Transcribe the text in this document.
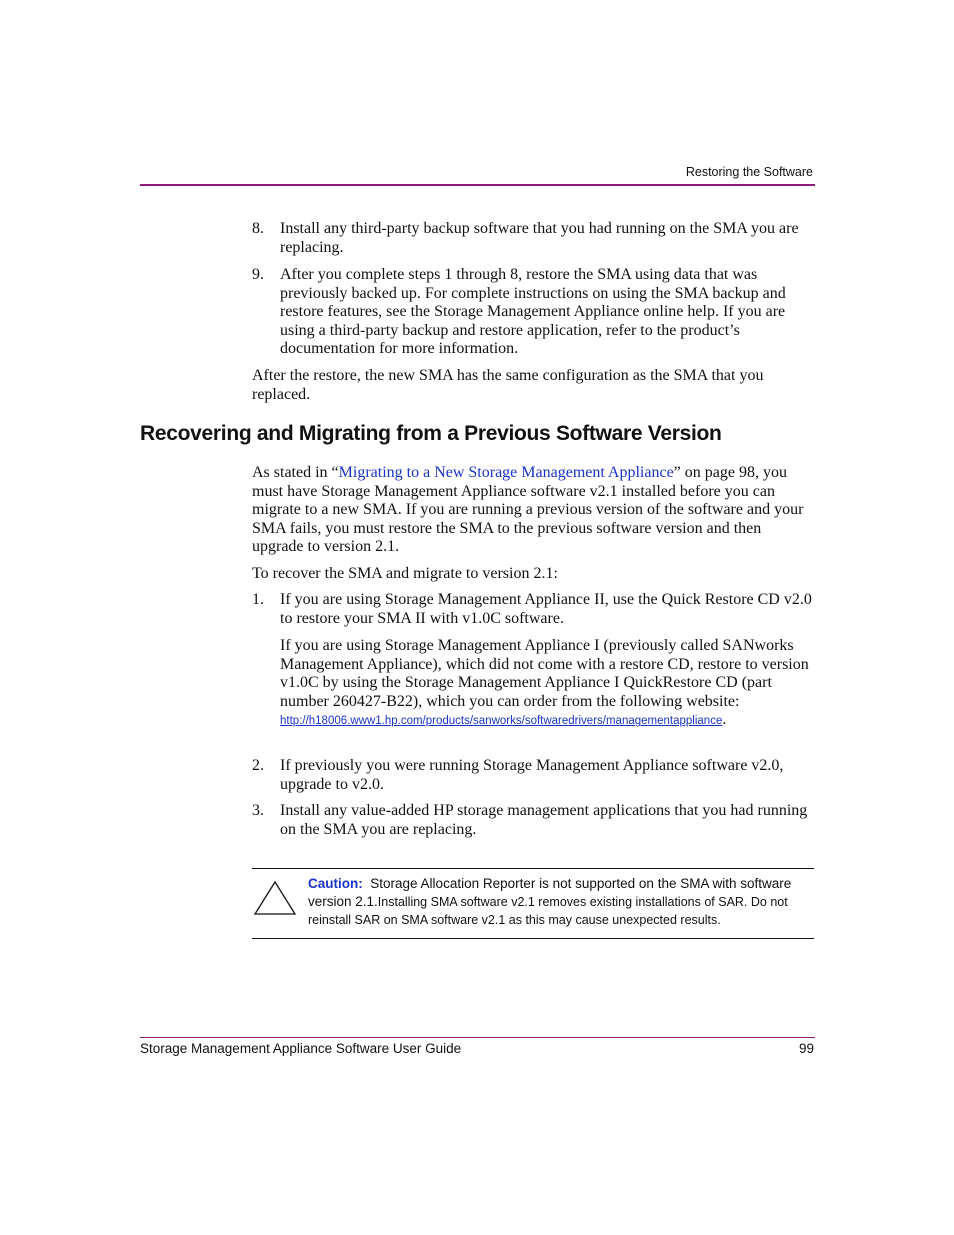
Restoring the Software
8. Install any third-party backup software that you had running on the SMA you are replacing.
9. After you complete steps 1 through 8, restore the SMA using data that was previously backed up. For complete instructions on using the SMA backup and restore features, see the Storage Management Appliance online help. If you are using a third-party backup and restore application, refer to the product’s documentation for more information.
After the restore, the new SMA has the same configuration as the SMA that you replaced.
Recovering and Migrating from a Previous Software Version
As stated in “Migrating to a New Storage Management Appliance” on page 98, you must have Storage Management Appliance software v2.1 installed before you can migrate to a new SMA. If you are running a previous version of the software and your SMA fails, you must restore the SMA to the previous software version and then upgrade to version 2.1.
To recover the SMA and migrate to version 2.1:
1. If you are using Storage Management Appliance II, use the Quick Restore CD v2.0 to restore your SMA II with v1.0C software.
If you are using Storage Management Appliance I (previously called SANworks Management Appliance), which did not come with a restore CD, restore to version v1.0C by using the Storage Management Appliance I QuickRestore CD (part number 260427-B22), which you can order from the following website:
http://h18006.www1.hp.com/products/sanworks/softwaredrivers/managementappliance.
2. If previously you were running Storage Management Appliance software v2.0, upgrade to v2.0.
3. Install any value-added HP storage management applications that you had running on the SMA you are replacing.
Caution: Storage Allocation Reporter is not supported on the SMA with software version 2.1.Installing SMA software v2.1 removes existing installations of SAR. Do not reinstall SAR on SMA software v2.1 as this may cause unexpected results.
Storage Management Appliance Software User Guide	99
